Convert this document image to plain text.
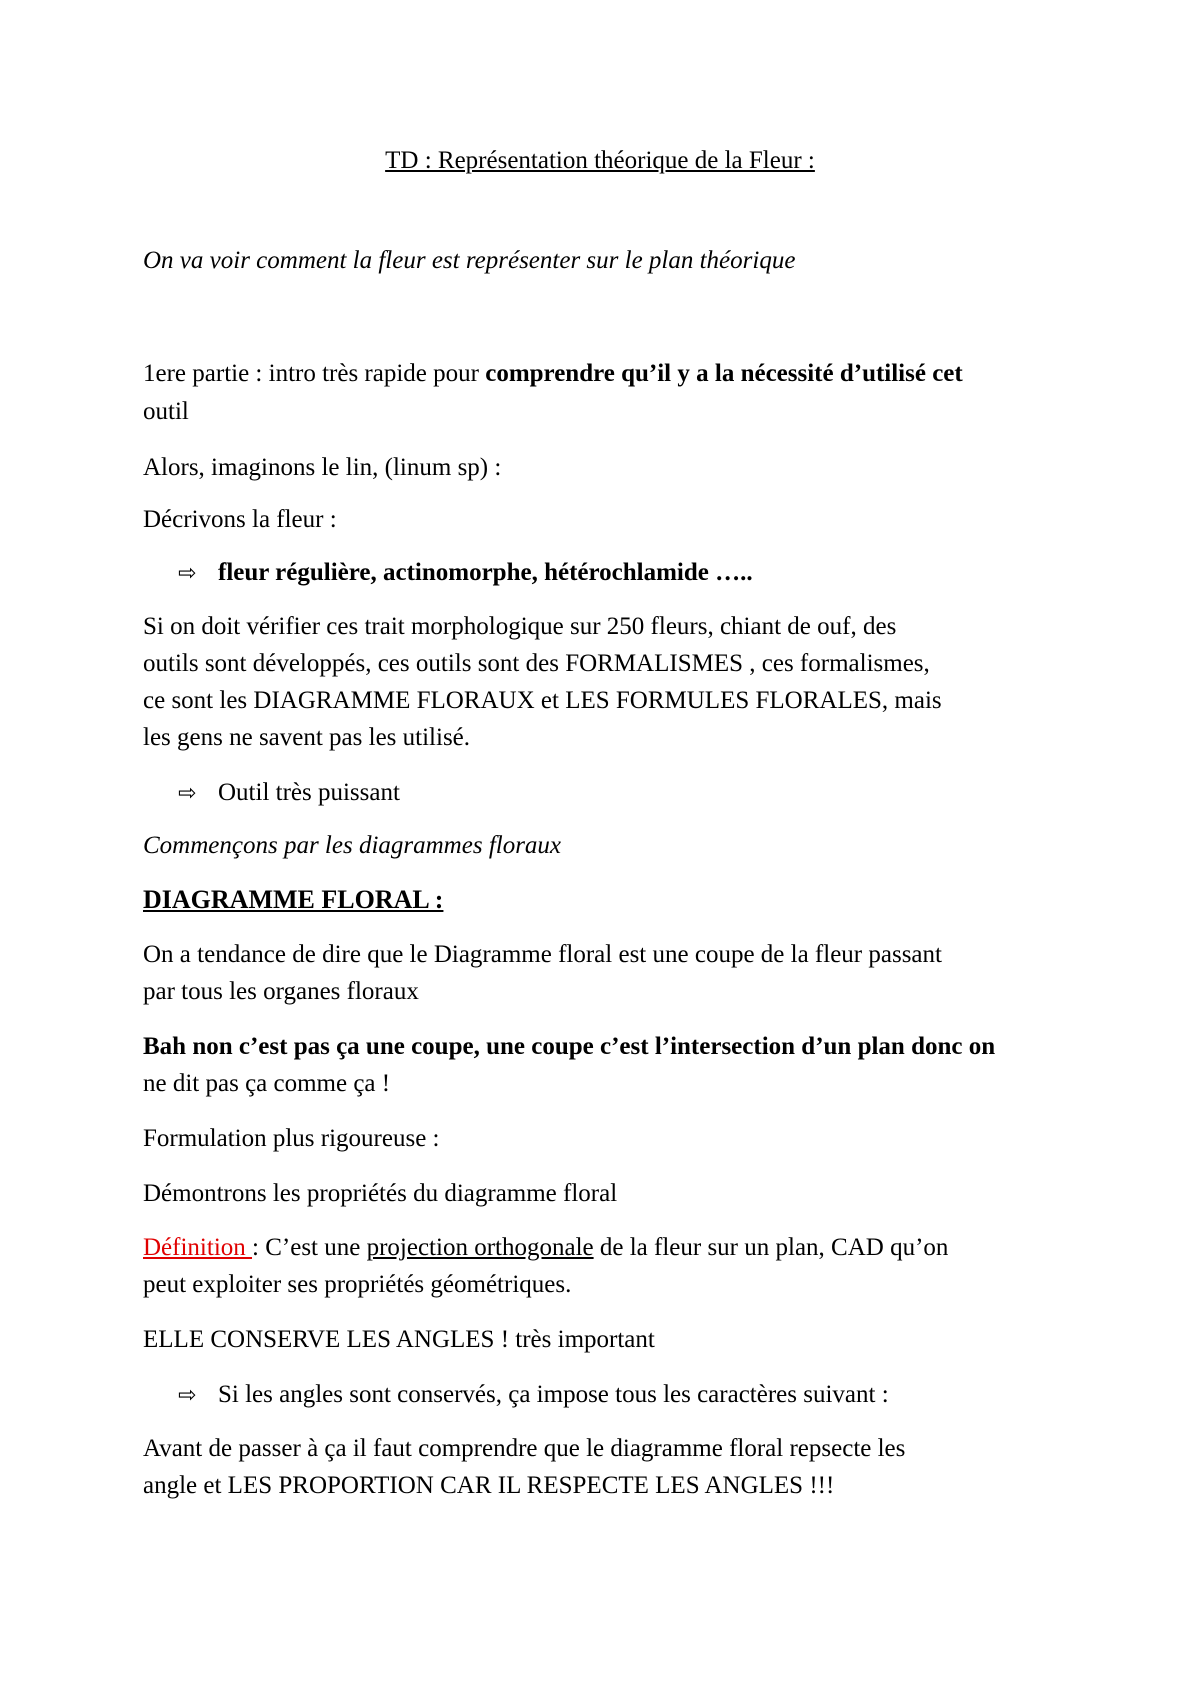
TD : Représentation théorique de la Fleur :
On va voir comment la fleur est représenter sur le plan théorique
1ere partie : intro très rapide pour comprendre qu’il y a la nécessité d’utilisé cet
outil
Alors, imaginons le lin, (linum sp) :
Décrivons la fleur :
⇨ fleur régulière, actinomorphe, hétérochlamide …..
Si on doit vérifier ces trait morphologique sur 250 fleurs, chiant de ouf, des
outils sont développés, ces outils sont des FORMALISMES , ces formalismes,
ce sont les DIAGRAMME FLORAUX et LES FORMULES FLORALES, mais
les gens ne savent pas les utilisé.
⇨ Outil très puissant
Commençons par les diagrammes floraux
DIAGRAMME FLORAL :
On a tendance de dire que le Diagramme floral est une coupe de la fleur passant
par tous les organes floraux
Bah non c’est pas ça une coupe, une coupe c’est l’intersection d’un plan donc on
ne dit pas ça comme ça !
Formulation plus rigoureuse :
Démontrons les propriétés du diagramme floral
Définition : C’est une projection orthogonale de la fleur sur un plan, CAD qu’on
peut exploiter ses propriétés géométriques.
ELLE CONSERVE LES ANGLES ! très important
⇨ Si les angles sont conservés, ça impose tous les caractères suivant :
Avant de passer à ça il faut comprendre que le diagramme floral repsecte les
angle et LES PROPORTION CAR IL RESPECTE LES ANGLES !!!
